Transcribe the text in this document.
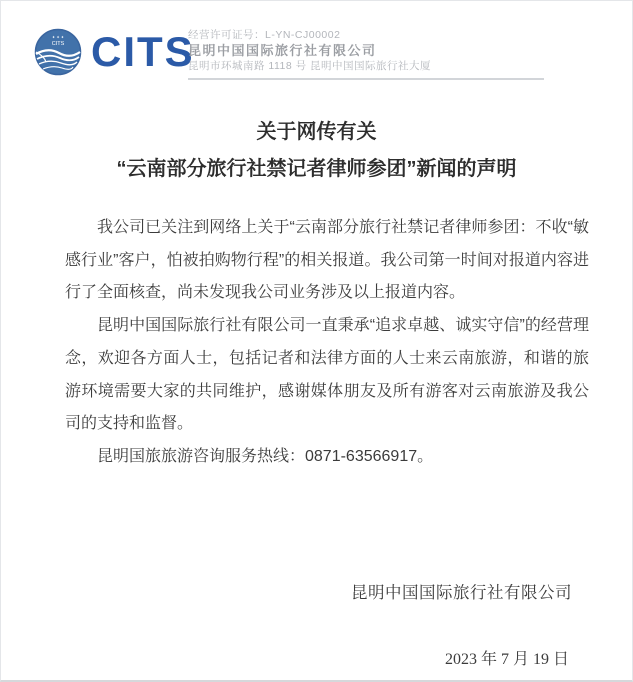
✦ ✦ ✦
CITS CITS
经营许可证号：L-YN-CJ00002
昆明中国国际旅行社有限公司
昆明市环城南路 1118 号 昆明中国国际旅行社大厦
关于网传有关
“云南部分旅行社禁记者律师参团”新闻的声明

我公司已关注到网络上关于“云南部分旅行社禁记者律师参团：不收“敏感行业”客户，怕被拍购物行程”的相关报道。我公司第一时间对报道内容进行了全面核查，尚未发现我公司业务涉及以上报道内容。

昆明中国国际旅行社有限公司一直秉承“追求卓越、诚实守信”的经营理念，欢迎各方面人士，包括记者和法律方面的人士来云南旅游，和谐的旅游环境需要大家的共同维护，感谢媒体朋友及所有游客对云南旅游及我公司的支持和监督。

昆明国旅旅游咨询服务热线：0871-63566917。

昆明中国国际旅行社有限公司
2023 年 7 月 19 日
